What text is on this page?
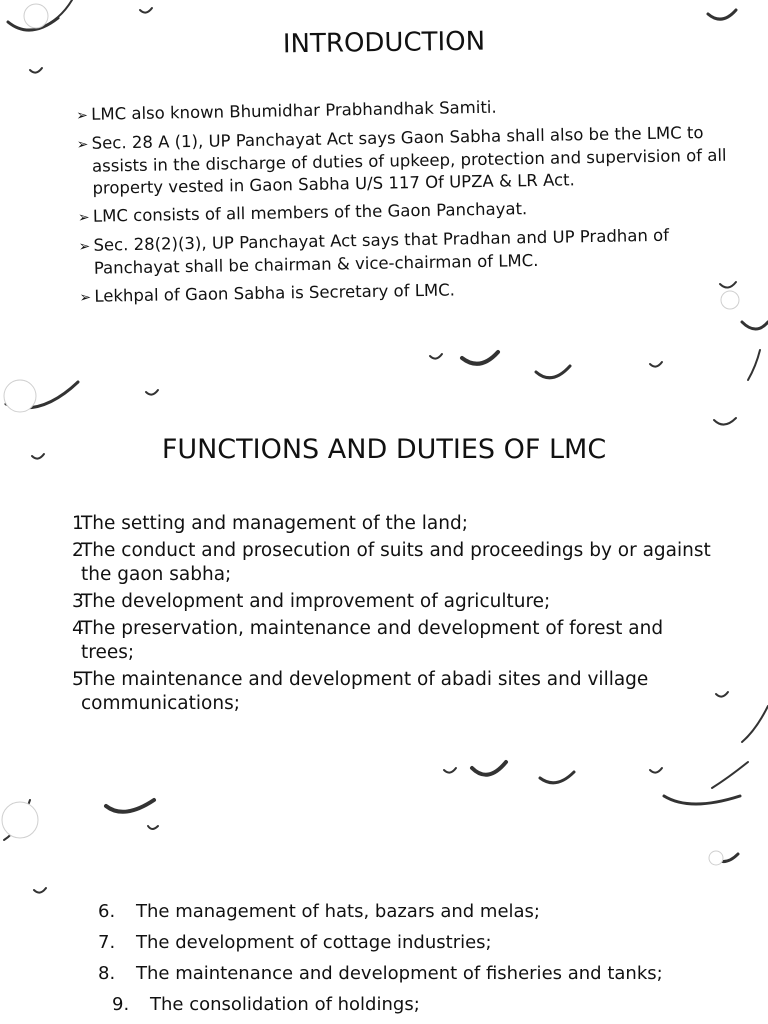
INTRODUCTION
➢ LMC also known Bhumidhar Prabhandhak Samiti.
➢ Sec. 28 A (1), UP Panchayat Act says Gaon Sabha shall also be the LMC to assists in the discharge of duties of upkeep, protection and supervision of all property vested in Gaon Sabha U/S 117 Of UPZA & LR Act.
➢ LMC consists of all members of the Gaon Panchayat.
➢ Sec. 28(2)(3), UP Panchayat Act says that Pradhan and UP Pradhan of Panchayat shall be chairman & vice-chairman of LMC.
➢ Lekhpal of Gaon Sabha is Secretary of LMC.
FUNCTIONS AND DUTIES OF LMC
1The setting and management of the land;
2The conduct and prosecution of suits and proceedings by or against the gaon sabha;
3The development and improvement of agriculture;
4The preservation, maintenance and development of forest and trees;
5The maintenance and development of abadi sites and village communications;
6. The management of hats, bazars and melas;
7. The development of cottage industries;
8. The maintenance and development of fisheries and tanks;
9. The consolidation of holdings;
